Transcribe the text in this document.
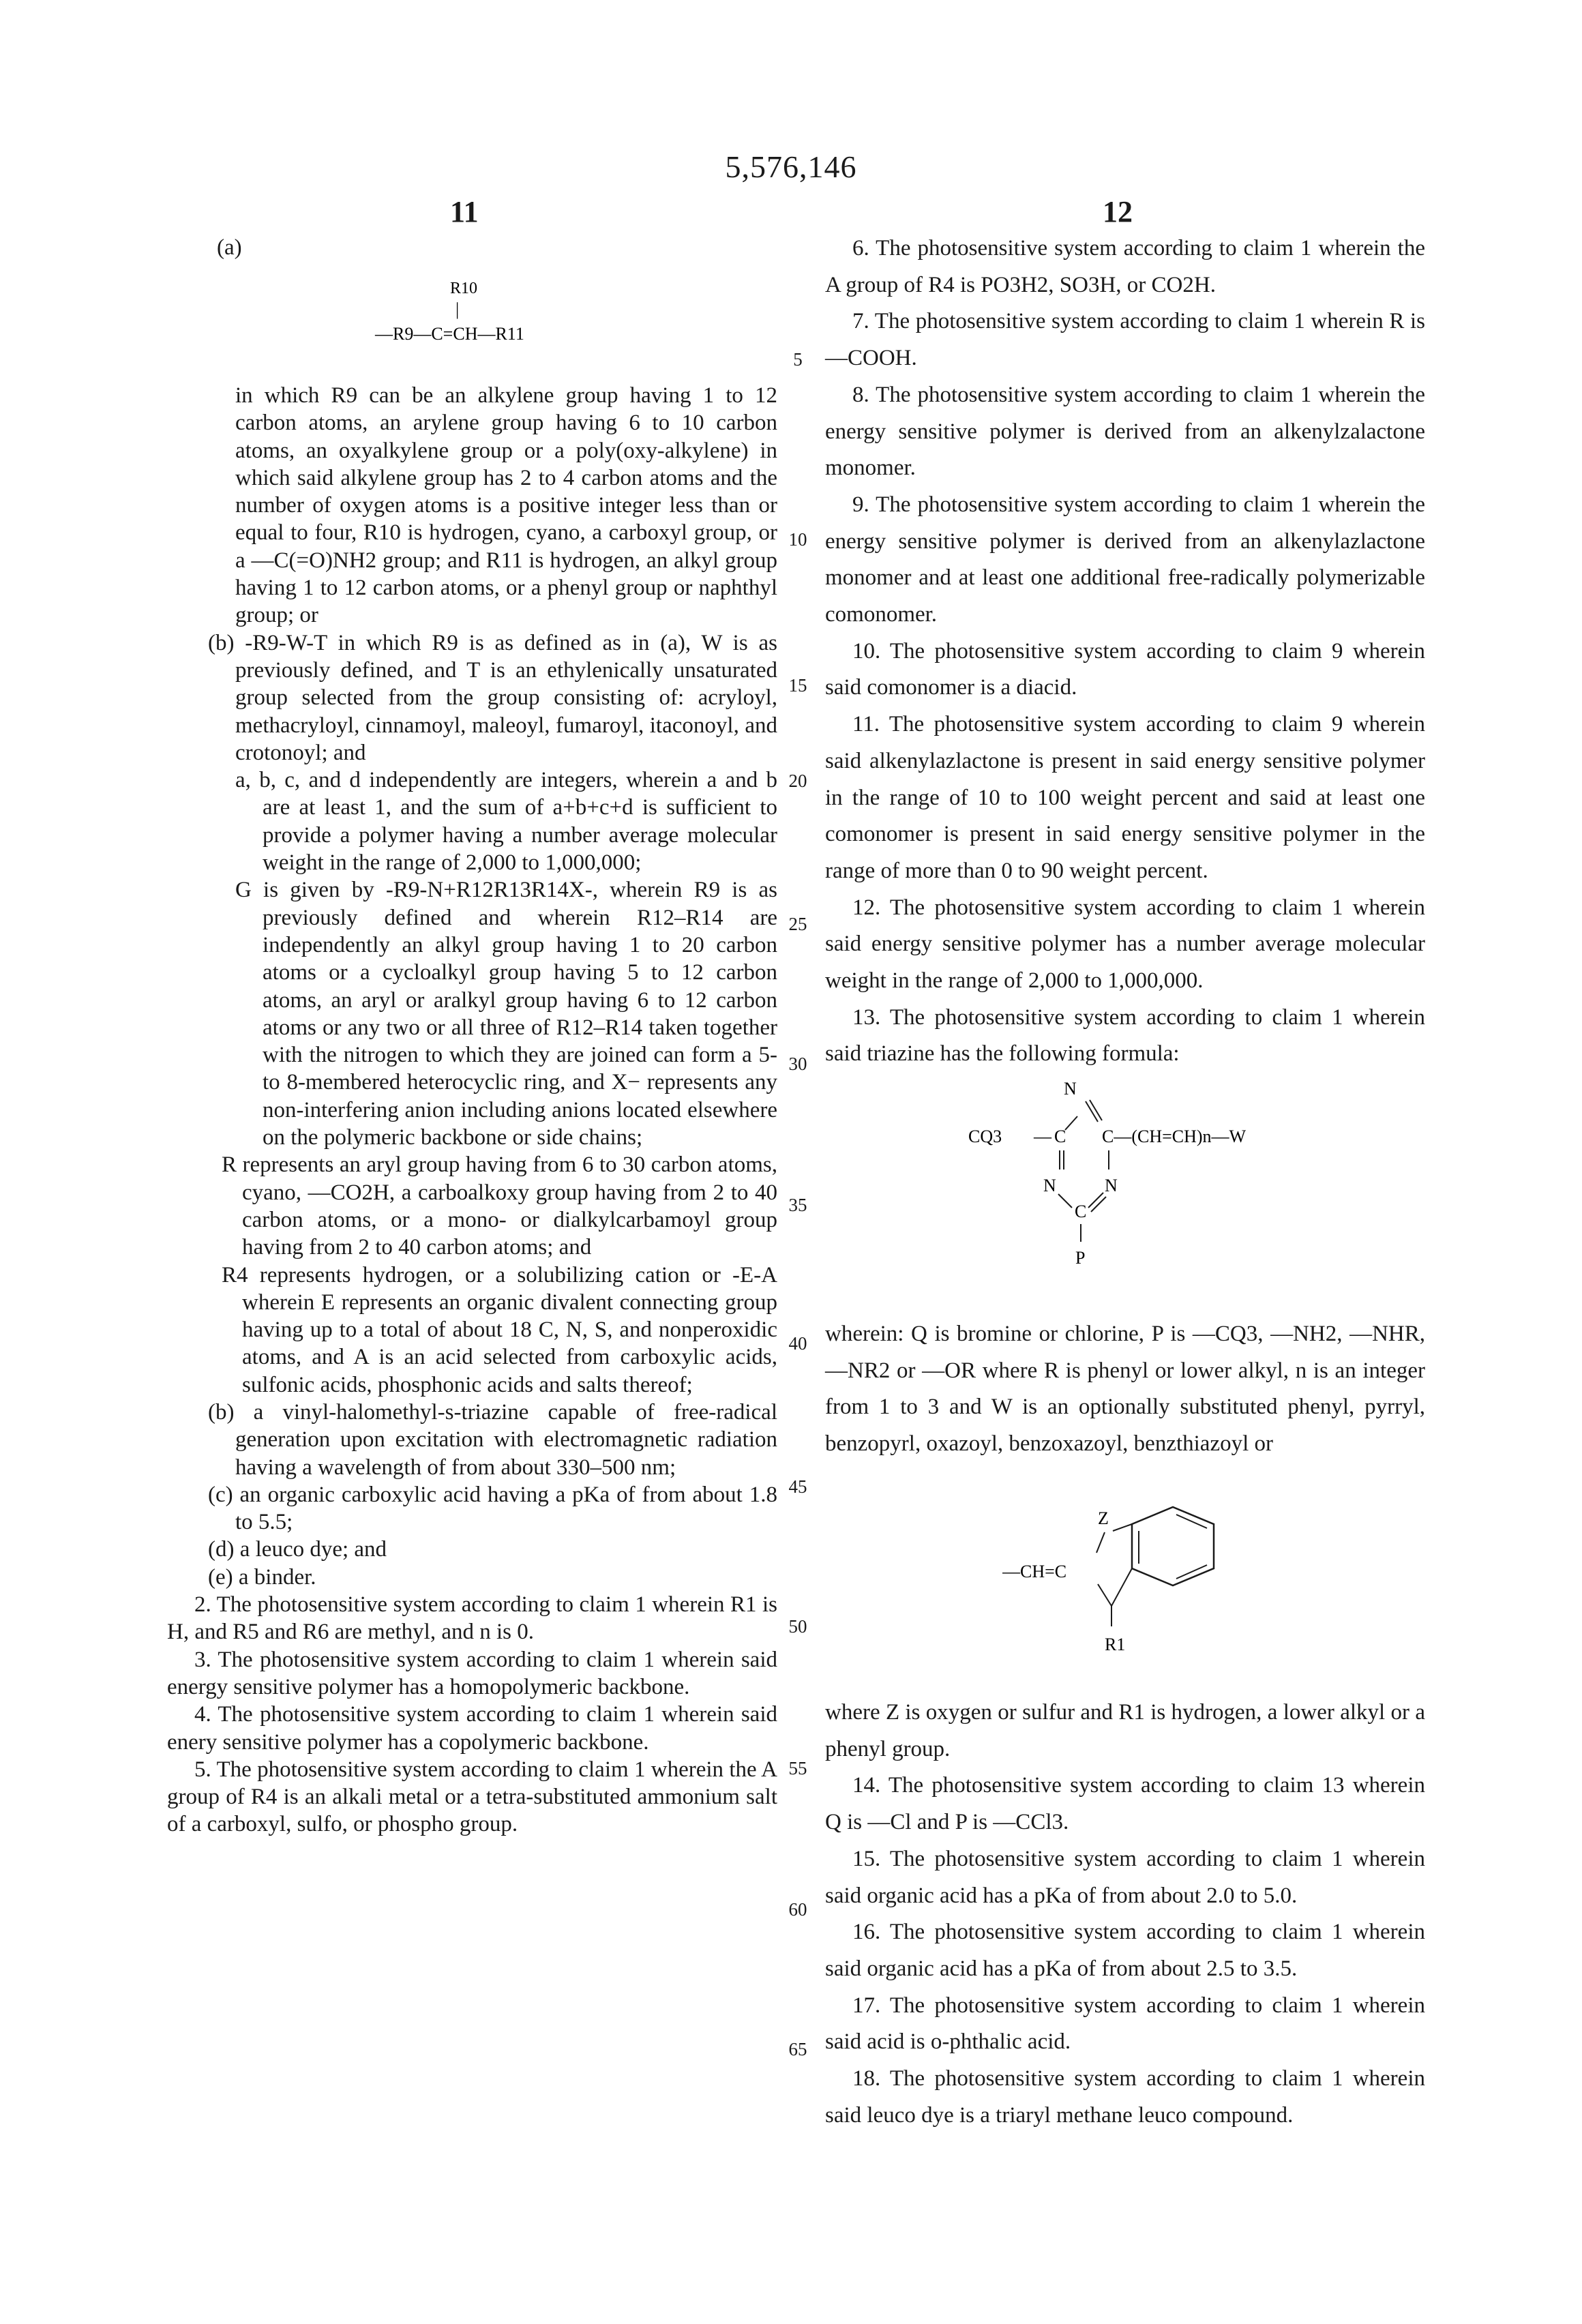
5,576,146
11	12
(a)
R10
|
—R9—C=CH—R11

in which R9 can be an alkylene group having 1 to 12 carbon atoms, an arylene group having 6 to 10 carbon atoms, an oxyalkylene group or a poly(oxy-alkylene) in which said alkylene group has 2 to 4 carbon atoms and the number of oxygen atoms is a positive integer less than or equal to four, R10 is hydrogen, cyano, a carboxyl group, or a —C(=O)NH2 group; and R11 is hydrogen, an alkyl group having 1 to 12 carbon atoms, or a phenyl group or naphthyl group; or

(b) -R9-W-T in which R9 is as defined as in (a), W is as previously defined, and T is an ethylenically unsaturated group selected from the group consisting of: acryloyl, methacryloyl, cinnamoyl, maleoyl, fumaroyl, itaconoyl, and crotonoyl; and

a, b, c, and d independently are integers, wherein a and b are at least 1, and the sum of a+b+c+d is sufficient to provide a polymer having a number average molecular weight in the range of 2,000 to 1,000,000;

G is given by -R9-N+R12R13R14X-, wherein R9 is as previously defined and wherein R12–R14 are independently an alkyl group having 1 to 20 carbon atoms or a cycloalkyl group having 5 to 12 carbon atoms, an aryl or aralkyl group having 6 to 12 carbon atoms or any two or all three of R12–R14 taken together with the nitrogen to which they are joined can form a 5- to 8-membered heterocyclic ring, and X− represents any non-interfering anion including anions located elsewhere on the polymeric backbone or side chains;

R represents an aryl group having from 6 to 30 carbon atoms, cyano, —CO2H, a carboalkoxy group having from 2 to 40 carbon atoms, or a mono- or dialkylcarbamoyl group having from 2 to 40 carbon atoms; and

R4 represents hydrogen, or a solubilizing cation or -E-A wherein E represents an organic divalent connecting group having up to a total of about 18 C, N, S, and nonperoxidic atoms, and A is an acid selected from carboxylic acids, sulfonic acids, phosphonic acids and salts thereof;

(b) a vinyl-halomethyl-s-triazine capable of free-radical generation upon excitation with electromagnetic radiation having a wavelength of from about 330–500 nm;

(c) an organic carboxylic acid having a pKa of from about 1.8 to 5.5;

(d) a leuco dye; and

(e) a binder.

2. The photosensitive system according to claim 1 wherein R1 is H, and R5 and R6 are methyl, and n is 0.

3. The photosensitive system according to claim 1 wherein said energy sensitive polymer has a homopolymeric backbone.

4. The photosensitive system according to claim 1 wherein said enery sensitive polymer has a copolymeric backbone.

5. The photosensitive system according to claim 1 wherein the A group of R4 is an alkali metal or a tetra-substituted ammonium salt of a carboxyl, sulfo, or phospho group.

5
10
15
20
25
30
35
40
45
50
55
60
65

6. The photosensitive system according to claim 1 wherein the A group of R4 is PO3H2, SO3H, or CO2H.

7. The photosensitive system according to claim 1 wherein R is —COOH.

8. The photosensitive system according to claim 1 wherein the energy sensitive polymer is derived from an alkenylzalactone monomer.

9. The photosensitive system according to claim 1 wherein the energy sensitive polymer is derived from an alkenylazlactone monomer and at least one additional free-radically polymerizable comonomer.

10. The photosensitive system according to claim 9 wherein said comonomer is a diacid.

11. The photosensitive system according to claim 9 wherein said alkenylazlactone is present in said energy sensitive polymer in the range of 10 to 100 weight percent and said at least one comonomer is present in said energy sensitive polymer in the range of more than 0 to 90 weight percent.

12. The photosensitive system according to claim 1 wherein said energy sensitive polymer has a number average molecular weight in the range of 2,000 to 1,000,000.

13. The photosensitive system according to claim 1 wherein said triazine has the following formula:

CQ3 — C
N
C—(CH=CH)n—W
N	N
C
P

wherein: Q is bromine or chlorine, P is —CQ3, —NH2, —NHR, —NR2 or —OR where R is phenyl or lower alkyl, n is an integer from 1 to 3 and W is an optionally substituted phenyl, pyrryl, benzopyrl, oxazoyl, benzoxazoyl, benzthiazoyl or

Z
—CH=C
R1

where Z is oxygen or sulfur and R1 is hydrogen, a lower alkyl or a phenyl group.

14. The photosensitive system according to claim 13 wherein Q is —Cl and P is —CCl3.

15. The photosensitive system according to claim 1 wherein said organic acid has a pKa of from about 2.0 to 5.0.

16. The photosensitive system according to claim 1 wherein said organic acid has a pKa of from about 2.5 to 3.5.

17. The photosensitive system according to claim 1 wherein said acid is o-phthalic acid.

18. The photosensitive system according to claim 1 wherein said leuco dye is a triaryl methane leuco compound.
